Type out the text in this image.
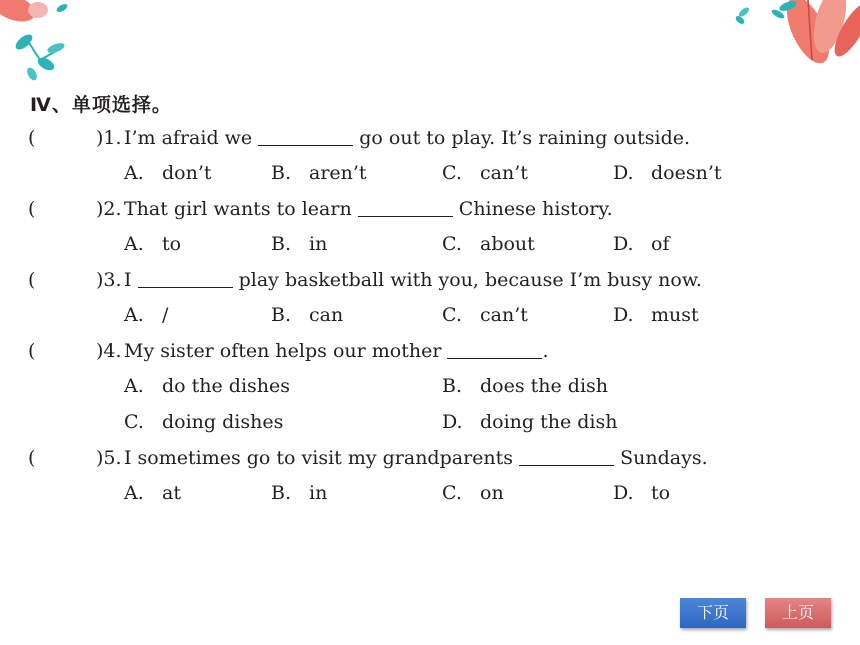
Ⅳ、单项选择。
(	)1. I’m afraid we	go out to play. It’s raining outside.
A. don’t	B. aren’t	C. can’t	D. doesn’t
(	)2. That girl wants to learn	Chinese history.
A. to	B. in	C. about	D. of
(	)3. I	play basketball with you, because I’m busy now.
A. /	B. can	C. can’t	D. must
(	)4. My sister often helps our mother	.
A. do the dishes	B. does the dish
C. doing dishes	D. doing the dish
(	)5. I sometimes go to visit my grandparents	Sundays.
A. at	B. in	C. on	D. to
下页	上页
